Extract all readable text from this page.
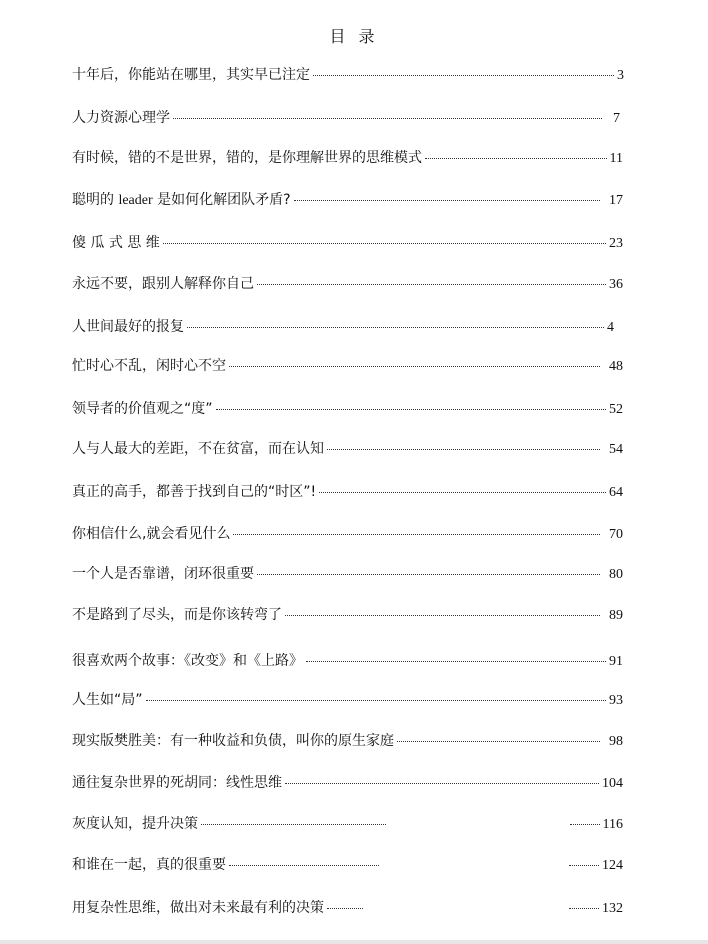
目 录
十年后，你能站在哪里，其实早已注定	3
人力资源心理学	7
有时候，错的不是世界，错的，是你理解世界的思维模式	11
聪明的 leader 是如何化解团队矛盾?	17
傻 瓜 式 思 维	23
永远不要，跟别人解释你自己	36
人世间最好的报复	4
忙时心不乱，闲时心不空	48
领导者的价值观之“度”	52
人与人最大的差距，不在贫富，而在认知	54
真正的高手，都善于找到自己的“时区”!	64
你相信什么,就会看见什么	70
一个人是否靠谱，闭环很重要	80
不是路到了尽头，而是你该转弯了	89
很喜欢两个故事：《改变》和《上路》	91
人生如“局”	93
现实版樊胜美：有一种收益和负债，叫你的原生家庭	98
通往复杂世界的死胡同：线性思维	104
灰度认知，提升决策	116
和谁在一起，真的很重要	124
用复杂性思维，做出对未来最有利的决策	132
